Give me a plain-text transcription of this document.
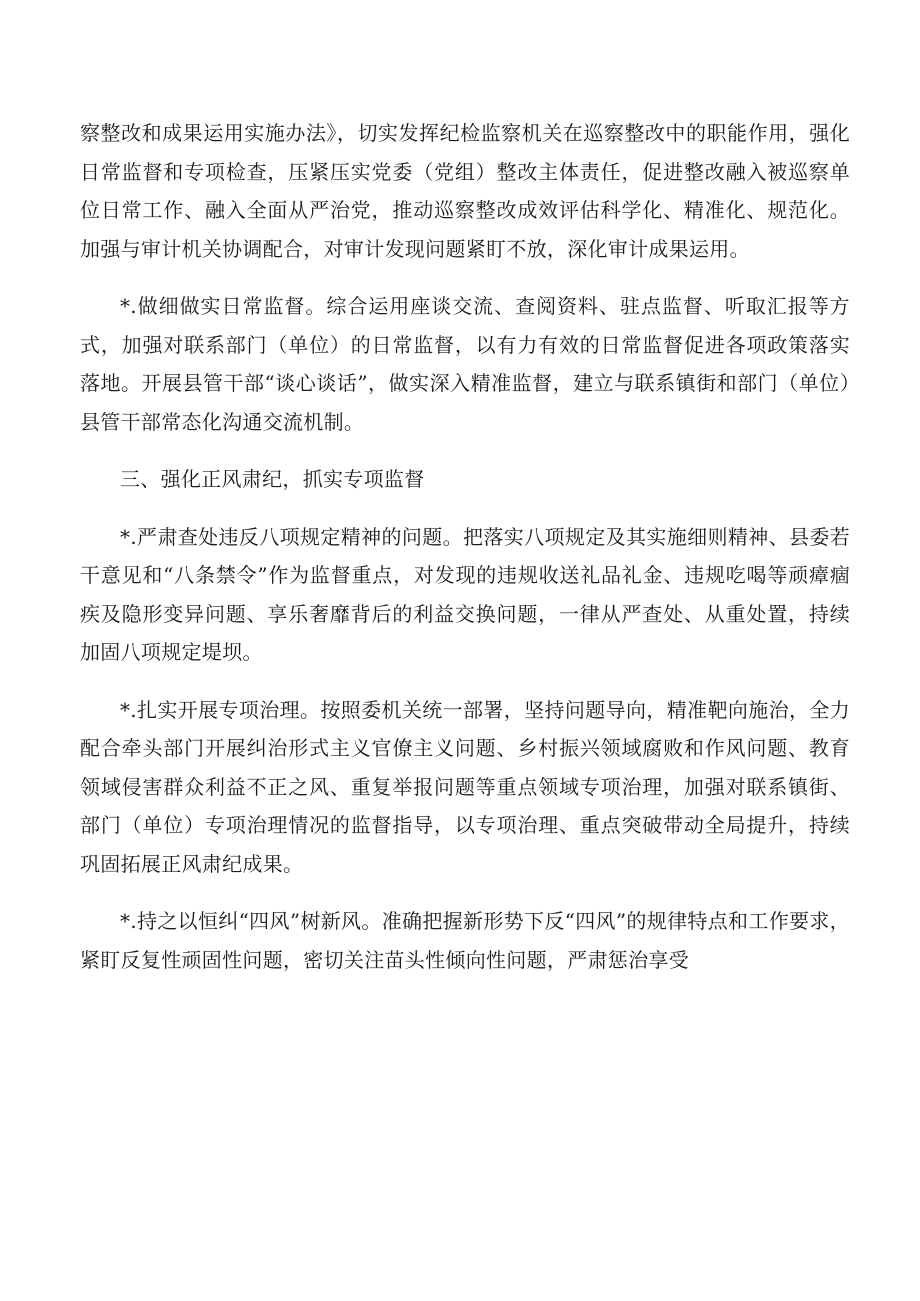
察整改和成果运用实施办法》，切实发挥纪检监察机关在巡察整改中的职能作用，强化日常监督和专项检查，压紧压实党委（党组）整改主体责任，促进整改融入被巡察单位日常工作、融入全面从严治党，推动巡察整改成效评估科学化、精准化、规范化。加强与审计机关协调配合，对审计发现问题紧盯不放，深化审计成果运用。

*.做细做实日常监督。综合运用座谈交流、查阅资料、驻点监督、听取汇报等方式，加强对联系部门（单位）的日常监督，以有力有效的日常监督促进各项政策落实落地。开展县管干部“谈心谈话”，做实深入精准监督，建立与联系镇街和部门（单位）县管干部常态化沟通交流机制。

三、强化正风肃纪，抓实专项监督

*.严肃查处违反八项规定精神的问题。把落实八项规定及其实施细则精神、县委若干意见和“八条禁令”作为监督重点，对发现的违规收送礼品礼金、违规吃喝等顽瘴痼疾及隐形变异问题、享乐奢靡背后的利益交换问题，一律从严查处、从重处置，持续加固八项规定堤坝。

*.扎实开展专项治理。按照委机关统一部署，坚持问题导向，精准靶向施治，全力配合牵头部门开展纠治形式主义官僚主义问题、乡村振兴领域腐败和作风问题、教育领域侵害群众利益不正之风、重复举报问题等重点领域专项治理，加强对联系镇街、部门（单位）专项治理情况的监督指导，以专项治理、重点突破带动全局提升，持续巩固拓展正风肃纪成果。

*.持之以恒纠“四风”树新风。准确把握新形势下反“四风”的规律特点和工作要求，紧盯反复性顽固性问题，密切关注苗头性倾向性问题，严肃惩治享受
